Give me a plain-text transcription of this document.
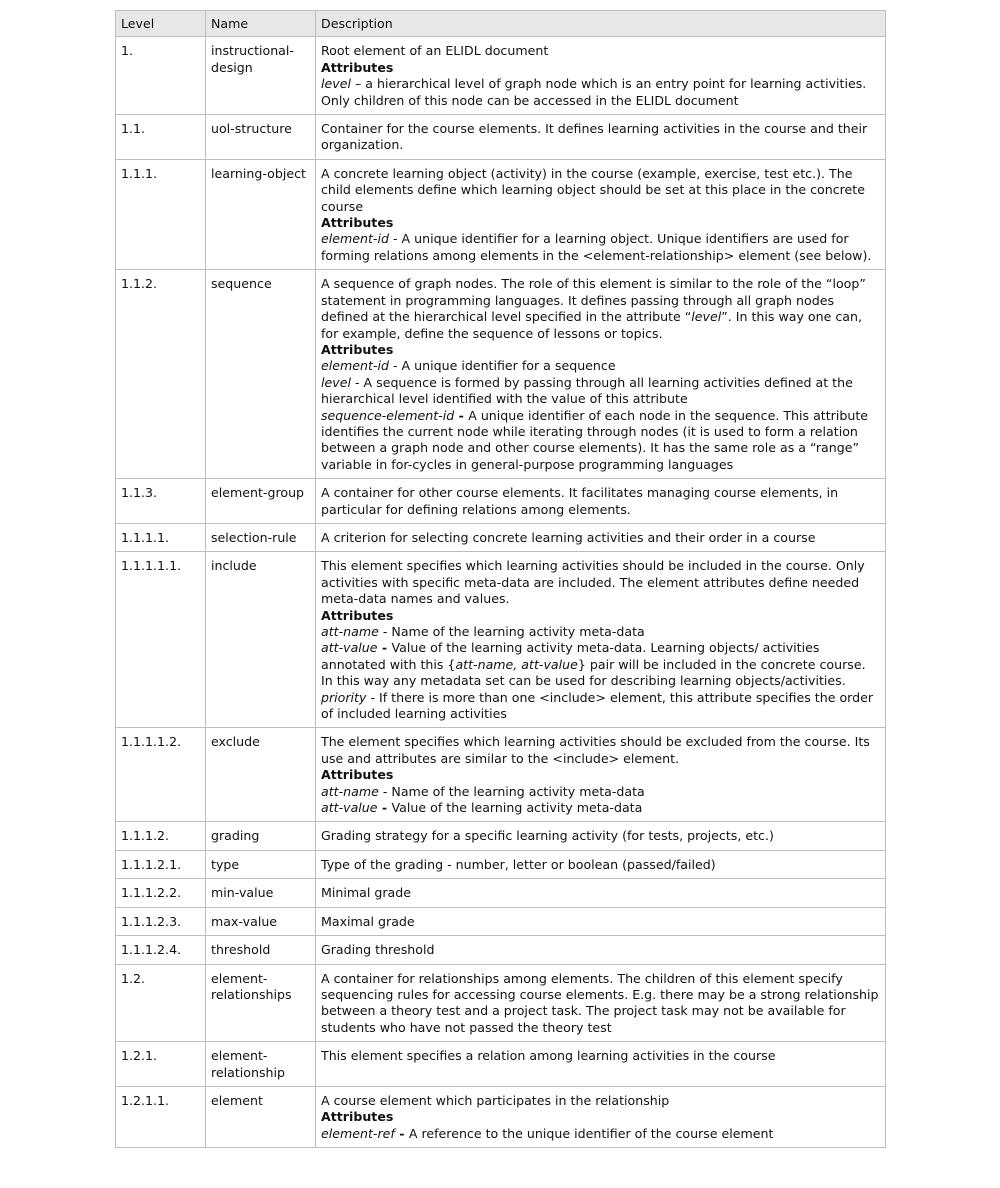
Level	Name	Description
1.	instructional-design	Root element of an ELIDL document
Attributes
level – a hierarchical level of graph node which is an entry point for learning activities. Only children of this node can be accessed in the ELIDL document

1.1.	uol-structure	Container for the course elements. It defines learning activities in the course and their organization.

1.1.1.	learning-object	A concrete learning object (activity) in the course (example, exercise, test etc.). The child elements define which learning object should be set at this place in the concrete course
Attributes
element-id - A unique identifier for a learning object. Unique identifiers are used for forming relations among elements in the <element-relationship> element (see below).

1.1.2.	sequence	A sequence of graph nodes. The role of this element is similar to the role of the “loop” statement in programming languages. It defines passing through all graph nodes defined at the hierarchical level specified in the attribute “level”. In this way one can, for example, define the sequence of lessons or topics.
Attributes
element-id - A unique identifier for a sequence
level - A sequence is formed by passing through all learning activities defined at the hierarchical level identified with the value of this attribute
sequence-element-id - A unique identifier of each node in the sequence. This attribute identifies the current node while iterating through nodes (it is used to form a relation between a graph node and other course elements). It has the same role as a “range” variable in for-cycles in general-purpose programming languages

1.1.3.	element-group	A container for other course elements. It facilitates managing course elements, in particular for defining relations among elements.

1.1.1.1.	selection-rule	A criterion for selecting concrete learning activities and their order in a course

1.1.1.1.1.	include	This element specifies which learning activities should be included in the course. Only activities with specific meta-data are included. The element attributes define needed meta-data names and values.
Attributes
att-name - Name of the learning activity meta-data
att-value - Value of the learning activity meta-data. Learning objects/ activities annotated with this {att-name, att-value} pair will be included in the concrete course. In this way any metadata set can be used for describing learning objects/activities.
priority - If there is more than one <include> element, this attribute specifies the order of included learning activities

1.1.1.1.2.	exclude	The element specifies which learning activities should be excluded from the course. Its use and attributes are similar to the <include> element.
Attributes
att-name - Name of the learning activity meta-data
att-value - Value of the learning activity meta-data

1.1.1.2.	grading	Grading strategy for a specific learning activity (for tests, projects, etc.)

1.1.1.2.1.	type	Type of the grading - number, letter or boolean (passed/failed)

1.1.1.2.2.	min-value	Minimal grade

1.1.1.2.3.	max-value	Maximal grade

1.1.1.2.4.	threshold	Grading threshold

1.2.	element-relationships	A container for relationships among elements. The children of this element specify sequencing rules for accessing course elements. E.g. there may be a strong relationship between a theory test and a project task. The project task may not be available for students who have not passed the theory test

1.2.1.	element-relationship	This element specifies a relation among learning activities in the course

1.2.1.1.	element	A course element which participates in the relationship
Attributes
element-ref - A reference to the unique identifier of the course element
